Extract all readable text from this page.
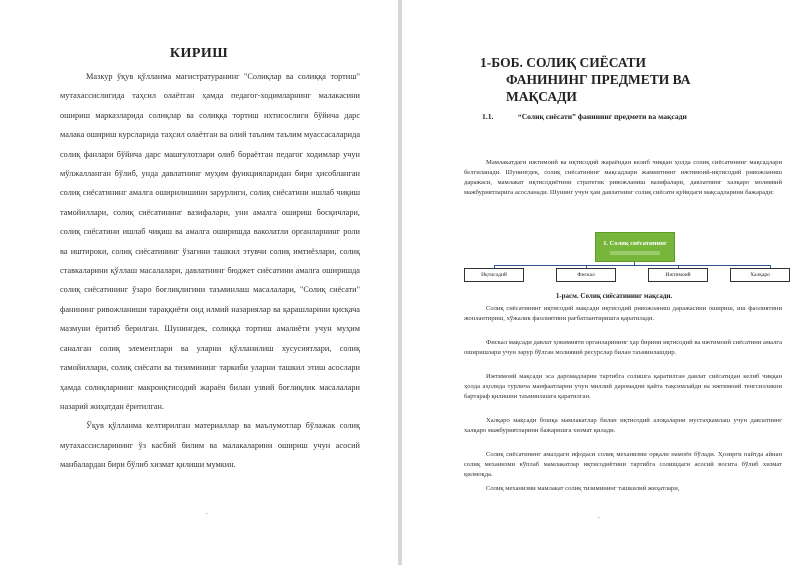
КИРИШ

Мазкур ўқув қўлланма магистратуранинг "Солиқлар ва солиққа тортиш" мутахассислигида таҳсил олаётган ҳамда педагог-ходимларнинг малакасини ошириш марказларида солиқлар ва солиққа тортиш ихтисослиги бўйича дарс малака ошириш курсларида таҳсил олаётган ва олий таълим таълим муассасаларида солиқ фанлари бўйича дарс машғулотлари олиб бораётган педагог ходимлар учун мўлжалланган бўлиб, унда давлатнинг муҳим функцияларидан бири ҳисобланган солиқ сиёсатининг амалга оширилишини зарурлиги, солиқ сиёсатини ишлаб чиқиш тамойиллари, солиқ сиёсатининг вазифалари, уни амалга ошириш босқичлари, солиқ сиёсатини ишлаб чиқиш ва амалга оширишда ваколатли органларнинг роли ва иштироки, солиқ сиёсатининг ўзагини ташкил этувчи солиқ имтиёзлари, солиқ ставкаларини қўллаш масалалари, давлатнинг бюджет сиёсатини амалга оширишда солиқ сиёсатининг ўзаро боғлиқлигини таъминлаш масалалари, "Солиқ сиёсати" фанининг ривожланиши тараққиёти онд илмий назариялар ва қарашларини қисқача мазмуни ёритиб берилган. Шунингдек, солиққа тортиш амалиёти учун муҳим саналган солиқ элементлари ва уларни қўлланилиш хусусиятлари, солиқ тамойиллари, солиқ сиёсати ва тизимининг таркиби уларни ташкил этиш асослари ҳамда солиқларнинг макроиқтисодий жараён билан узвий боғлиқлик масалалари назарий жиҳатдан ёритилган.

Ўқув қўлланма келтирилган материаллар ва маълумотлар бўлажак солиқ мутахассисларининг ўз касбий билим ва малакаларини ошириш учун асосий манбалардан бири бўлиб хизмат қилиши мумкин.

.
1-БОБ. СОЛИҚ СИЁСАТИ
ФАНИНИНГ ПРЕДМЕТИ ВА
МАҚСАДИ
1.1.	“Солиқ сиёсати” фанининг предмети ва мақсади

Мамлакатдаги ижтимоий ва иқтисодий жараёндан келиб чиққан ҳолда солиқ сиёсатининг мақсадлари белгиланади. Шунингдек, солиқ сиёсатининг мақсадлари жамиятнинг ижтимоий-иқтисодий ривожланиш даражаси, мамлакат иқтисодиётини стратегик ривожланиш вазифалари, давлатнинг халқаро молиявий мажбуриятларига асосланади. Шунинг учун ҳам давлатнинг солиқ сиёсати қуйидаги мақсадларини бажаради:

1. Солиқ сиёсатининг
Иқтисодий	Фискал	Ижтимоий	Халқаро
1-расм. Солиқ сиёсатининг мақсади.

Солиқ сиёсатининг иқтисодий мақсади иқтисодий ривожланиш даражасини ошириш, иш фаолиятини жонлантириш, хўжалик фаолиятини рағбатлантиришга қаратилади.

Фискал мақсади давлат ҳокимияти органларининг ҳар бирини иқтисодий ва ижтимоий сиёсатини амалга оширишлари учун зарур бўлган молиявий ресурслар билан таъминлашдир.

Ижтимоий мақсади эса даромадларни тартибга солишга қаратилган давлат сиёсатидан келиб чиққан ҳолда аҳолида турлича манфаатларни учун миллий даромадни қайта тақсимлайди ва ижтимоий тенгсизликни бартараф қилишни таъминлашга қаратилган.

Халқаро мақсади бошқа мамлакатлар билан иқтисодий алоқаларни мустаҳкамлаш учун давлатнинг халқаро мажбуриятларини бажаришга хизмат қилади.

Солиқ сиёсатининг амалдаги ифодаси солиқ механизми орқали намоён бўлади. Ҳозирги пайтда айнан солиқ механизми кўплаб мамлакатлар иқтисодиётини тартибга солишдаги асосий восита бўлиб хизмат қилмоқда.

Солиқ механизми мамлакат солиқ тизимининг ташкилий жиҳатлари,

.
